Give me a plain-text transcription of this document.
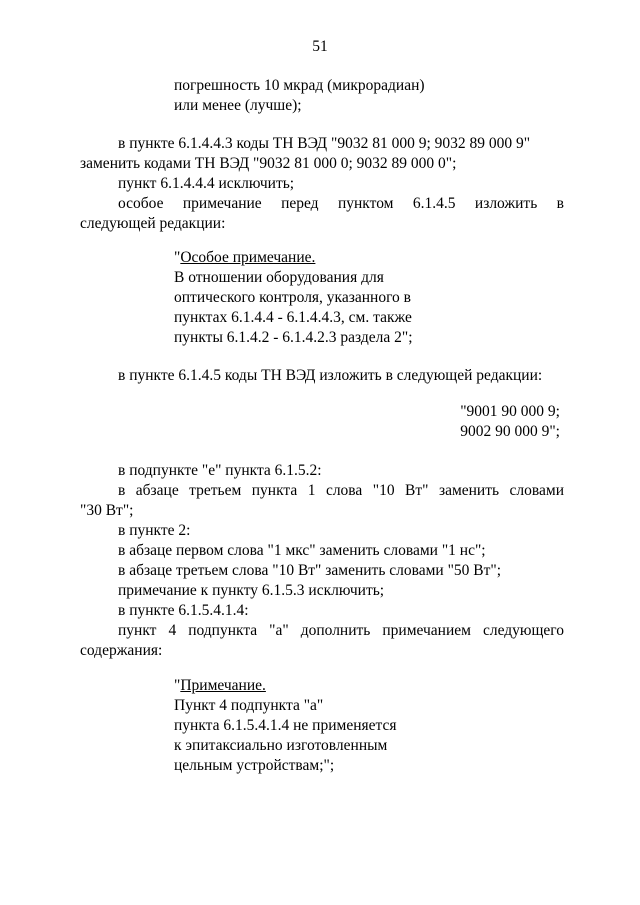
51
погрешность 10 мкрад (микрорадиан)
или менее (лучше);
в пункте 6.1.4.4.3 коды ТН ВЭД "9032 81 000 9; 9032 89 000 9"
заменить кодами ТН ВЭД "9032 81 000 0; 9032 89 000 0";
пункт 6.1.4.4.4 исключить;
особое примечание перед пунктом 6.1.4.5 изложить в
следующей редакции:
"Особое примечание.
В отношении оборудования для
оптического контроля, указанного в
пунктах 6.1.4.4 - 6.1.4.4.3, см. также
пункты 6.1.4.2 - 6.1.4.2.3 раздела 2";
в пункте 6.1.4.5 коды ТН ВЭД изложить в следующей редакции:
"9001 90 000 9;
9002 90 000 9";
в подпункте "е" пункта 6.1.5.2:
в абзаце третьем пункта 1 слова "10 Вт" заменить словами
"30 Вт";
в пункте 2:
в абзаце первом слова "1 мкс" заменить словами "1 нс";
в абзаце третьем слова "10 Вт" заменить словами "50 Вт";
примечание к пункту 6.1.5.3 исключить;
в пункте 6.1.5.4.1.4:
пункт 4 подпункта "а" дополнить примечанием следующего
содержания:
"Примечание.
Пункт 4 подпункта "а"
пункта 6.1.5.4.1.4 не применяется
к эпитаксиально изготовленным
цельным устройствам;";
